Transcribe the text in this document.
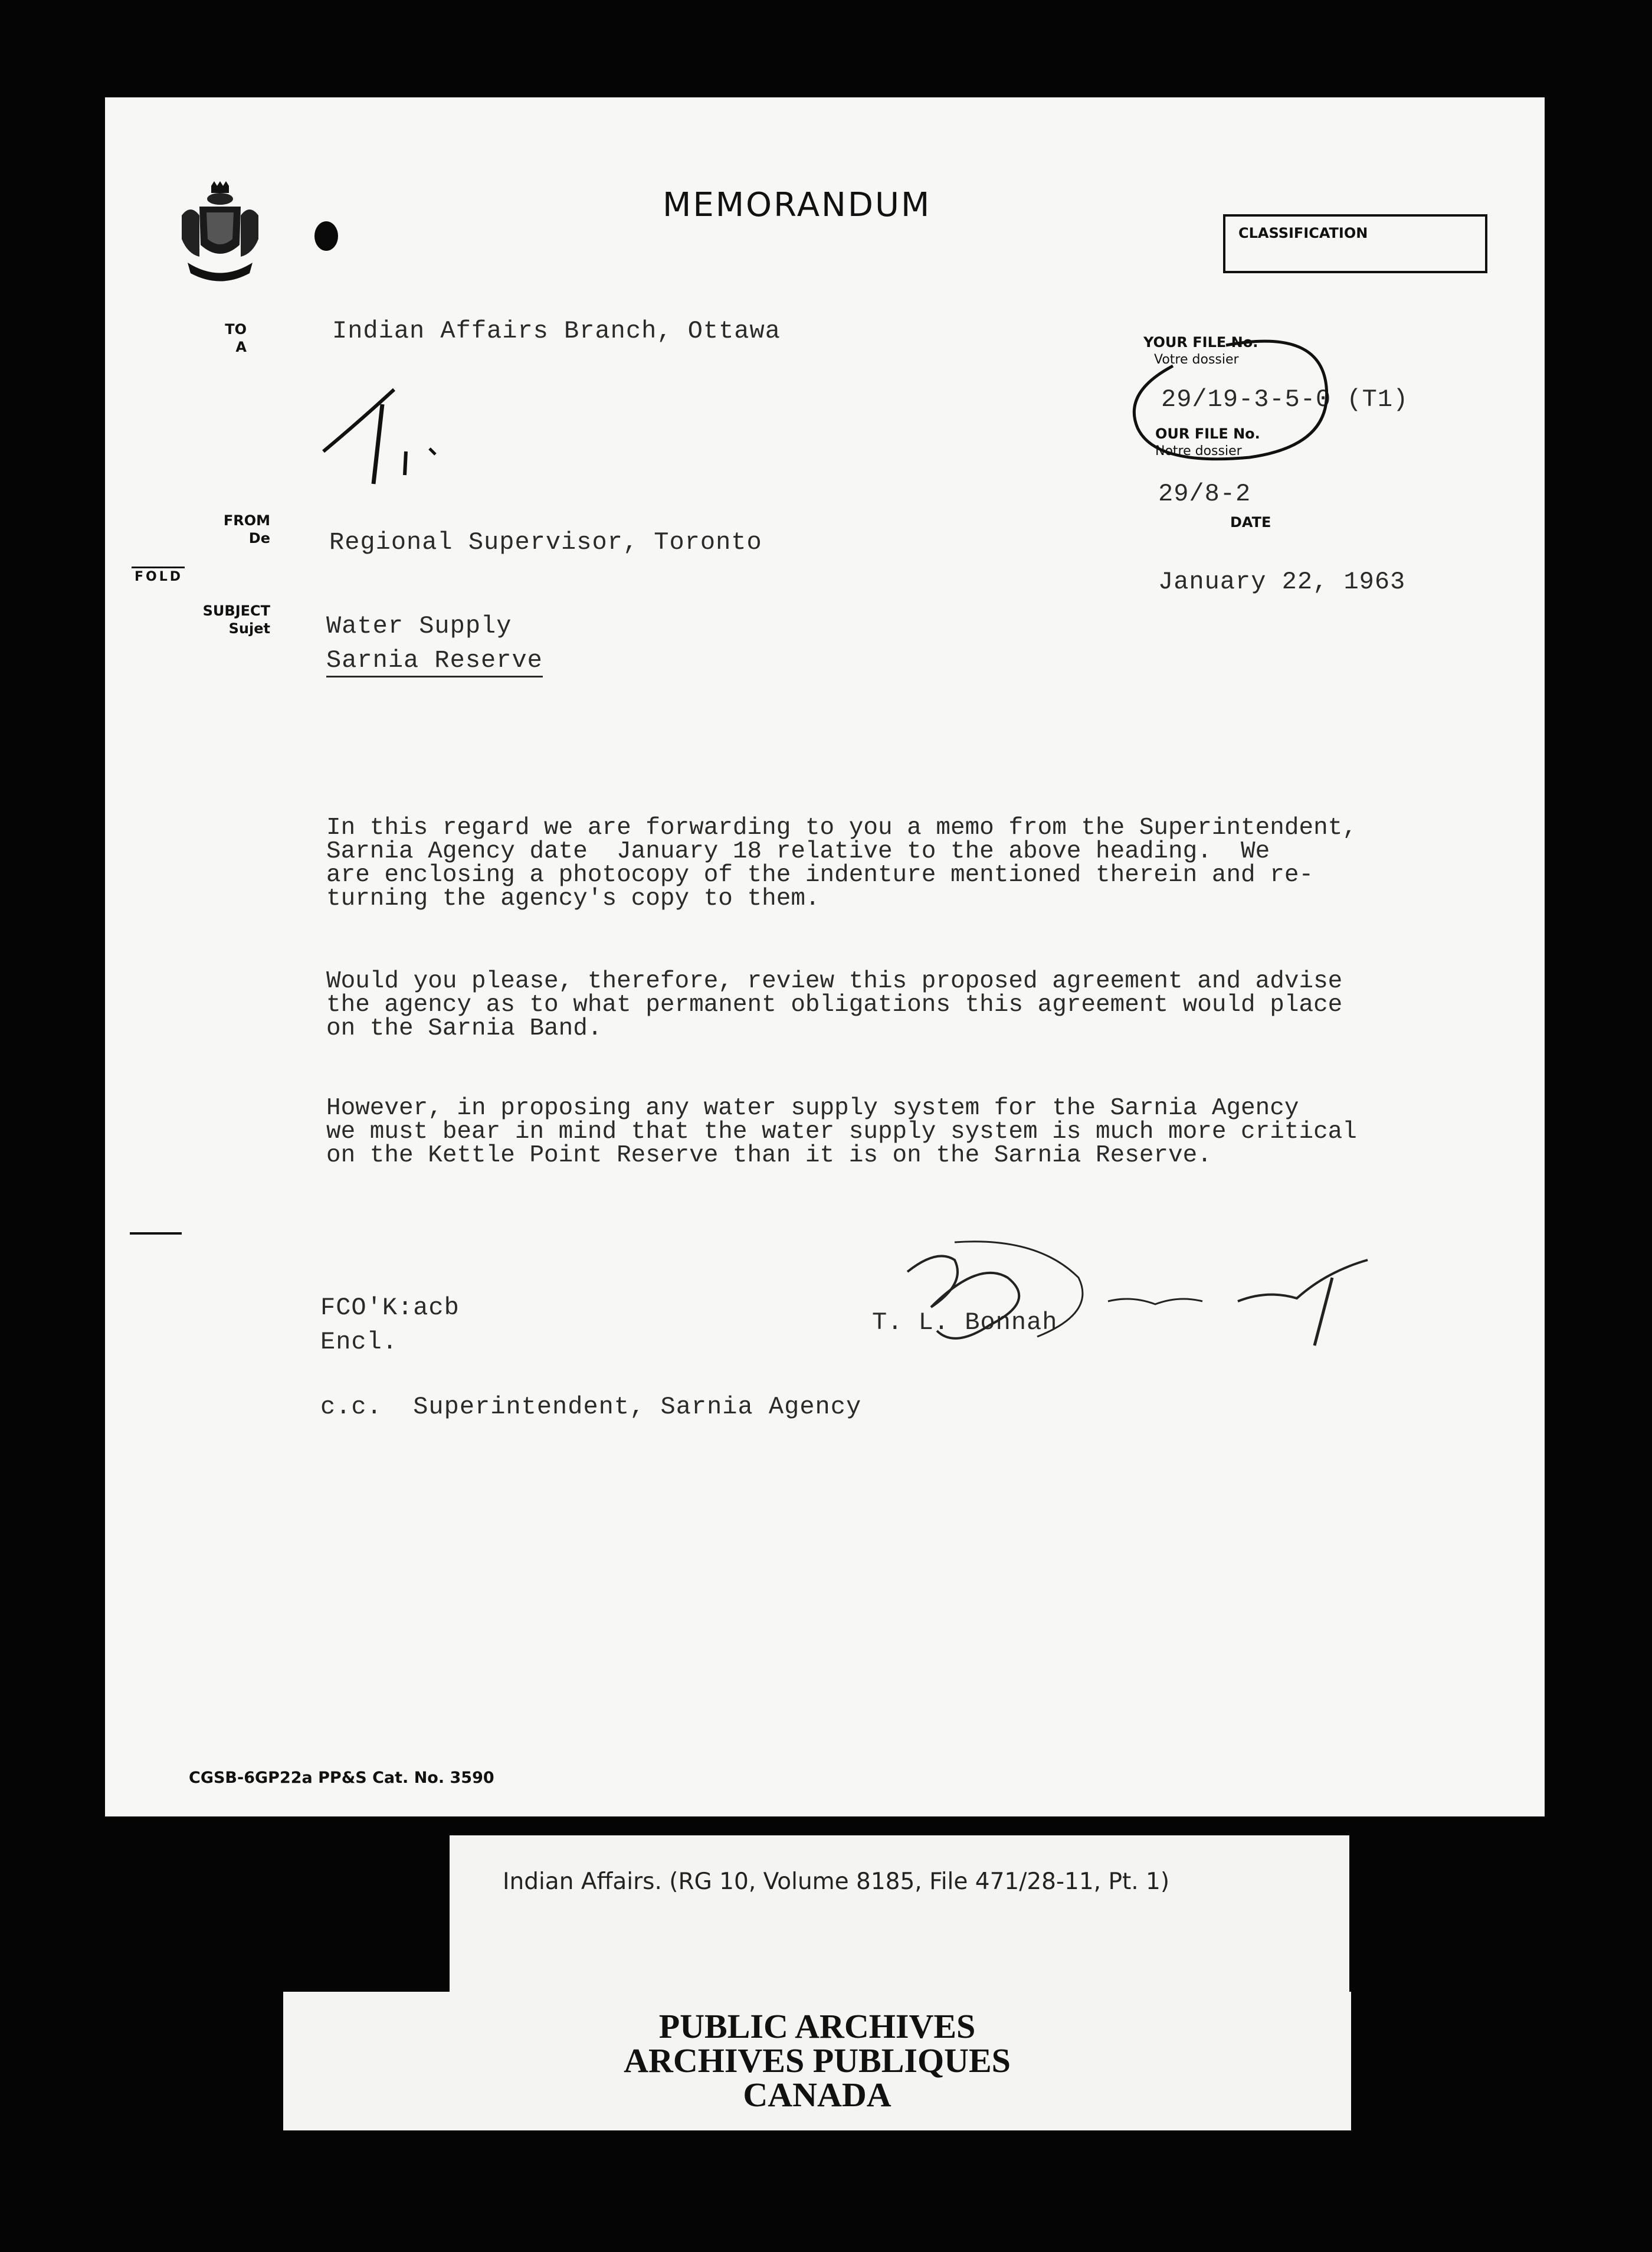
MEMORANDUM
CLASSIFICATION
TO
A
Indian Affairs Branch, Ottawa
FROM
De Regional Supervisor, Toronto
FOLD
SUBJECT
Sujet Water Supply
Sarnia Reserve
YOUR FILE No.
Votre dossier
29/19-3-5-0 (T1)
OUR FILE No.
Notre dossier
29/8-2
DATE
January 22, 1963
In this regard we are forwarding to you a memo from the Superintendent,
Sarnia Agency date  January 18 relative to the above heading.  We
are enclosing a photocopy of the indenture mentioned therein and re-
turning the agency's copy to them.
Would you please, therefore, review this proposed agreement and advise
the agency as to what permanent obligations this agreement would place
on the Sarnia Band.
However, in proposing any water supply system for the Sarnia Agency
we must bear in mind that the water supply system is much more critical
on the Kettle Point Reserve than it is on the Sarnia Reserve.
FCO'K:acb
Encl.
T. L. Bonnah
c.c.  Superintendent, Sarnia Agency
CGSB-6GP22a PP&S Cat. No. 3590
Indian Affairs. (RG 10, Volume 8185, File 471/28-11, Pt. 1)
PUBLIC ARCHIVES
ARCHIVES PUBLIQUES
CANADA
